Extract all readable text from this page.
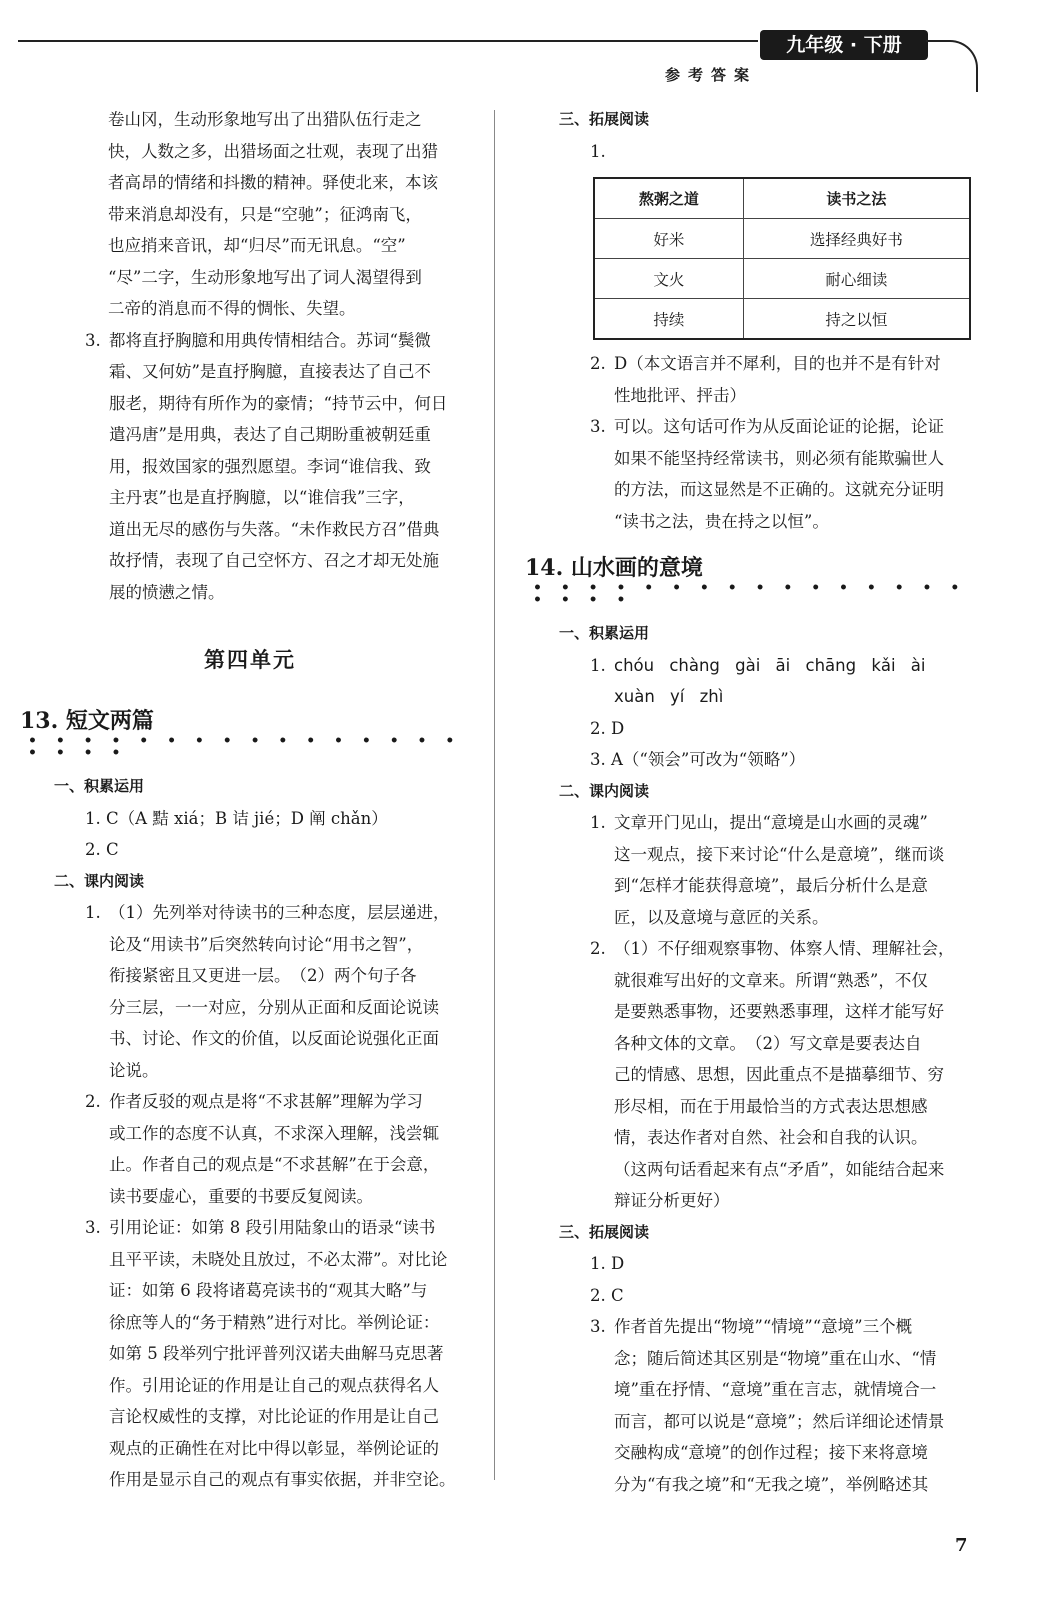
九年级 · 下册
参考答案

卷山冈，生动形象地写出了出猎队伍行走之

快，人数之多，出猎场面之壮观，表现了出猎

者高昂的情绪和抖擞的精神。驿使北来，本该

带来消息却没有，只是“空驰”；征鸿南飞，

也应捎来音讯，却“归尽”而无讯息。“空”

“尽”二字，生动形象地写出了词人渴望得到

二帝的消息而不得的惆怅、失望。

3. 都将直抒胸臆和用典传情相结合。苏词“鬓微

霜、又何妨”是直抒胸臆，直接表达了自己不

服老，期待有所作为的豪情；“持节云中，何日

遣冯唐”是用典，表达了自己期盼重被朝廷重

用，报效国家的强烈愿望。李词“谁信我、致

主丹衷”也是直抒胸臆，以“谁信我”三字，

道出无尽的感伤与失落。“未作救民方召”借典

故抒情，表现了自己空怀方、召之才却无处施

展的愤懑之情。

第四单元
13. 短文两篇
• • • • • • • • • • • • • • • • • • • •
一、积累运用
1. C（A 黠 xiá；B 诘 jié；D 阐 chǎn）
2. C
二、课内阅读
1. （1）先列举对待读书的三种态度，层层递进，

论及“用读书”后突然转向讨论“用书之智”，

衔接紧密且又更进一层。　（2）两个句子各

分三层，一一对应，分别从正面和反面论说读

书、讨论、作文的价值，以反面论说强化正面

论说。

2. 作者反驳的观点是将“不求甚解”理解为学习

或工作的态度不认真，不求深入理解，浅尝辄

止。作者自己的观点是“不求甚解”在于会意，

读书要虚心，重要的书要反复阅读。

3. 引用论证：如第 8 段引用陆象山的语录“读书

且平平读，未晓处且放过，不必太滞”。对比论

证：如第 6 段将诸葛亮读书的“观其大略”与

徐庶等人的“务于精熟”进行对比。举例论证：

如第 5 段举列宁批评普列汉诺夫曲解马克思著

作。引用论证的作用是让自己的观点获得名人

言论权威性的支撑，对比论证的作用是让自己

观点的正确性在对比中得以彰显，举例论证的

作用是显示自己的观点有事实依据，并非空论。

三、拓展阅读
1.
熬粥之道	读书之法
好米	选择经典好书
文火	耐心细读
持续	持之以恒
2. D（本文语言并不犀利，目的也并不是有针对

性地批评、抨击）

3. 可以。这句话可作为从反面论证的论据，论证

如果不能坚持经常读书，则必须有能欺骗世人

的方法，而这显然是不正确的。这就充分证明

“读书之法，贵在持之以恒”。

14. 山水画的意境
• • • • • • • • • • • • • • • • • • • •
一、积累运用
1. chóu chàng gài āi chāng kǎi ài

xuàn yí zhì

2. D
3. A（“领会”可改为“领略”）
二、课内阅读
1. 文章开门见山，提出“意境是山水画的灵魂”

这一观点，接下来讨论“什么是意境”，继而谈

到“怎样才能获得意境”，最后分析什么是意

匠，以及意境与意匠的关系。

2. （1）不仔细观察事物、体察人情、理解社会，

就很难写出好的文章来。所谓“熟悉”，不仅

是要熟悉事物，还要熟悉事理，这样才能写好

各种文体的文章。　（2）写文章是要表达自

己的情感、思想，因此重点不是描摹细节、穷

形尽相，而在于用最恰当的方式表达思想感

情，表达作者对自然、社会和自我的认识。

（这两句话看起来有点“矛盾”，如能结合起来

辩证分析更好）

三、拓展阅读
1. D
2. C
3. 作者首先提出“物境”“情境”“意境”三个概

念；随后简述其区别是“物境”重在山水、“情

境”重在抒情、“意境”重在言志，就情境合一

而言，都可以说是“意境”；然后详细论述情景

交融构成“意境”的创作过程；接下来将意境

分为“有我之境”和“无我之境”，举例略述其

7
